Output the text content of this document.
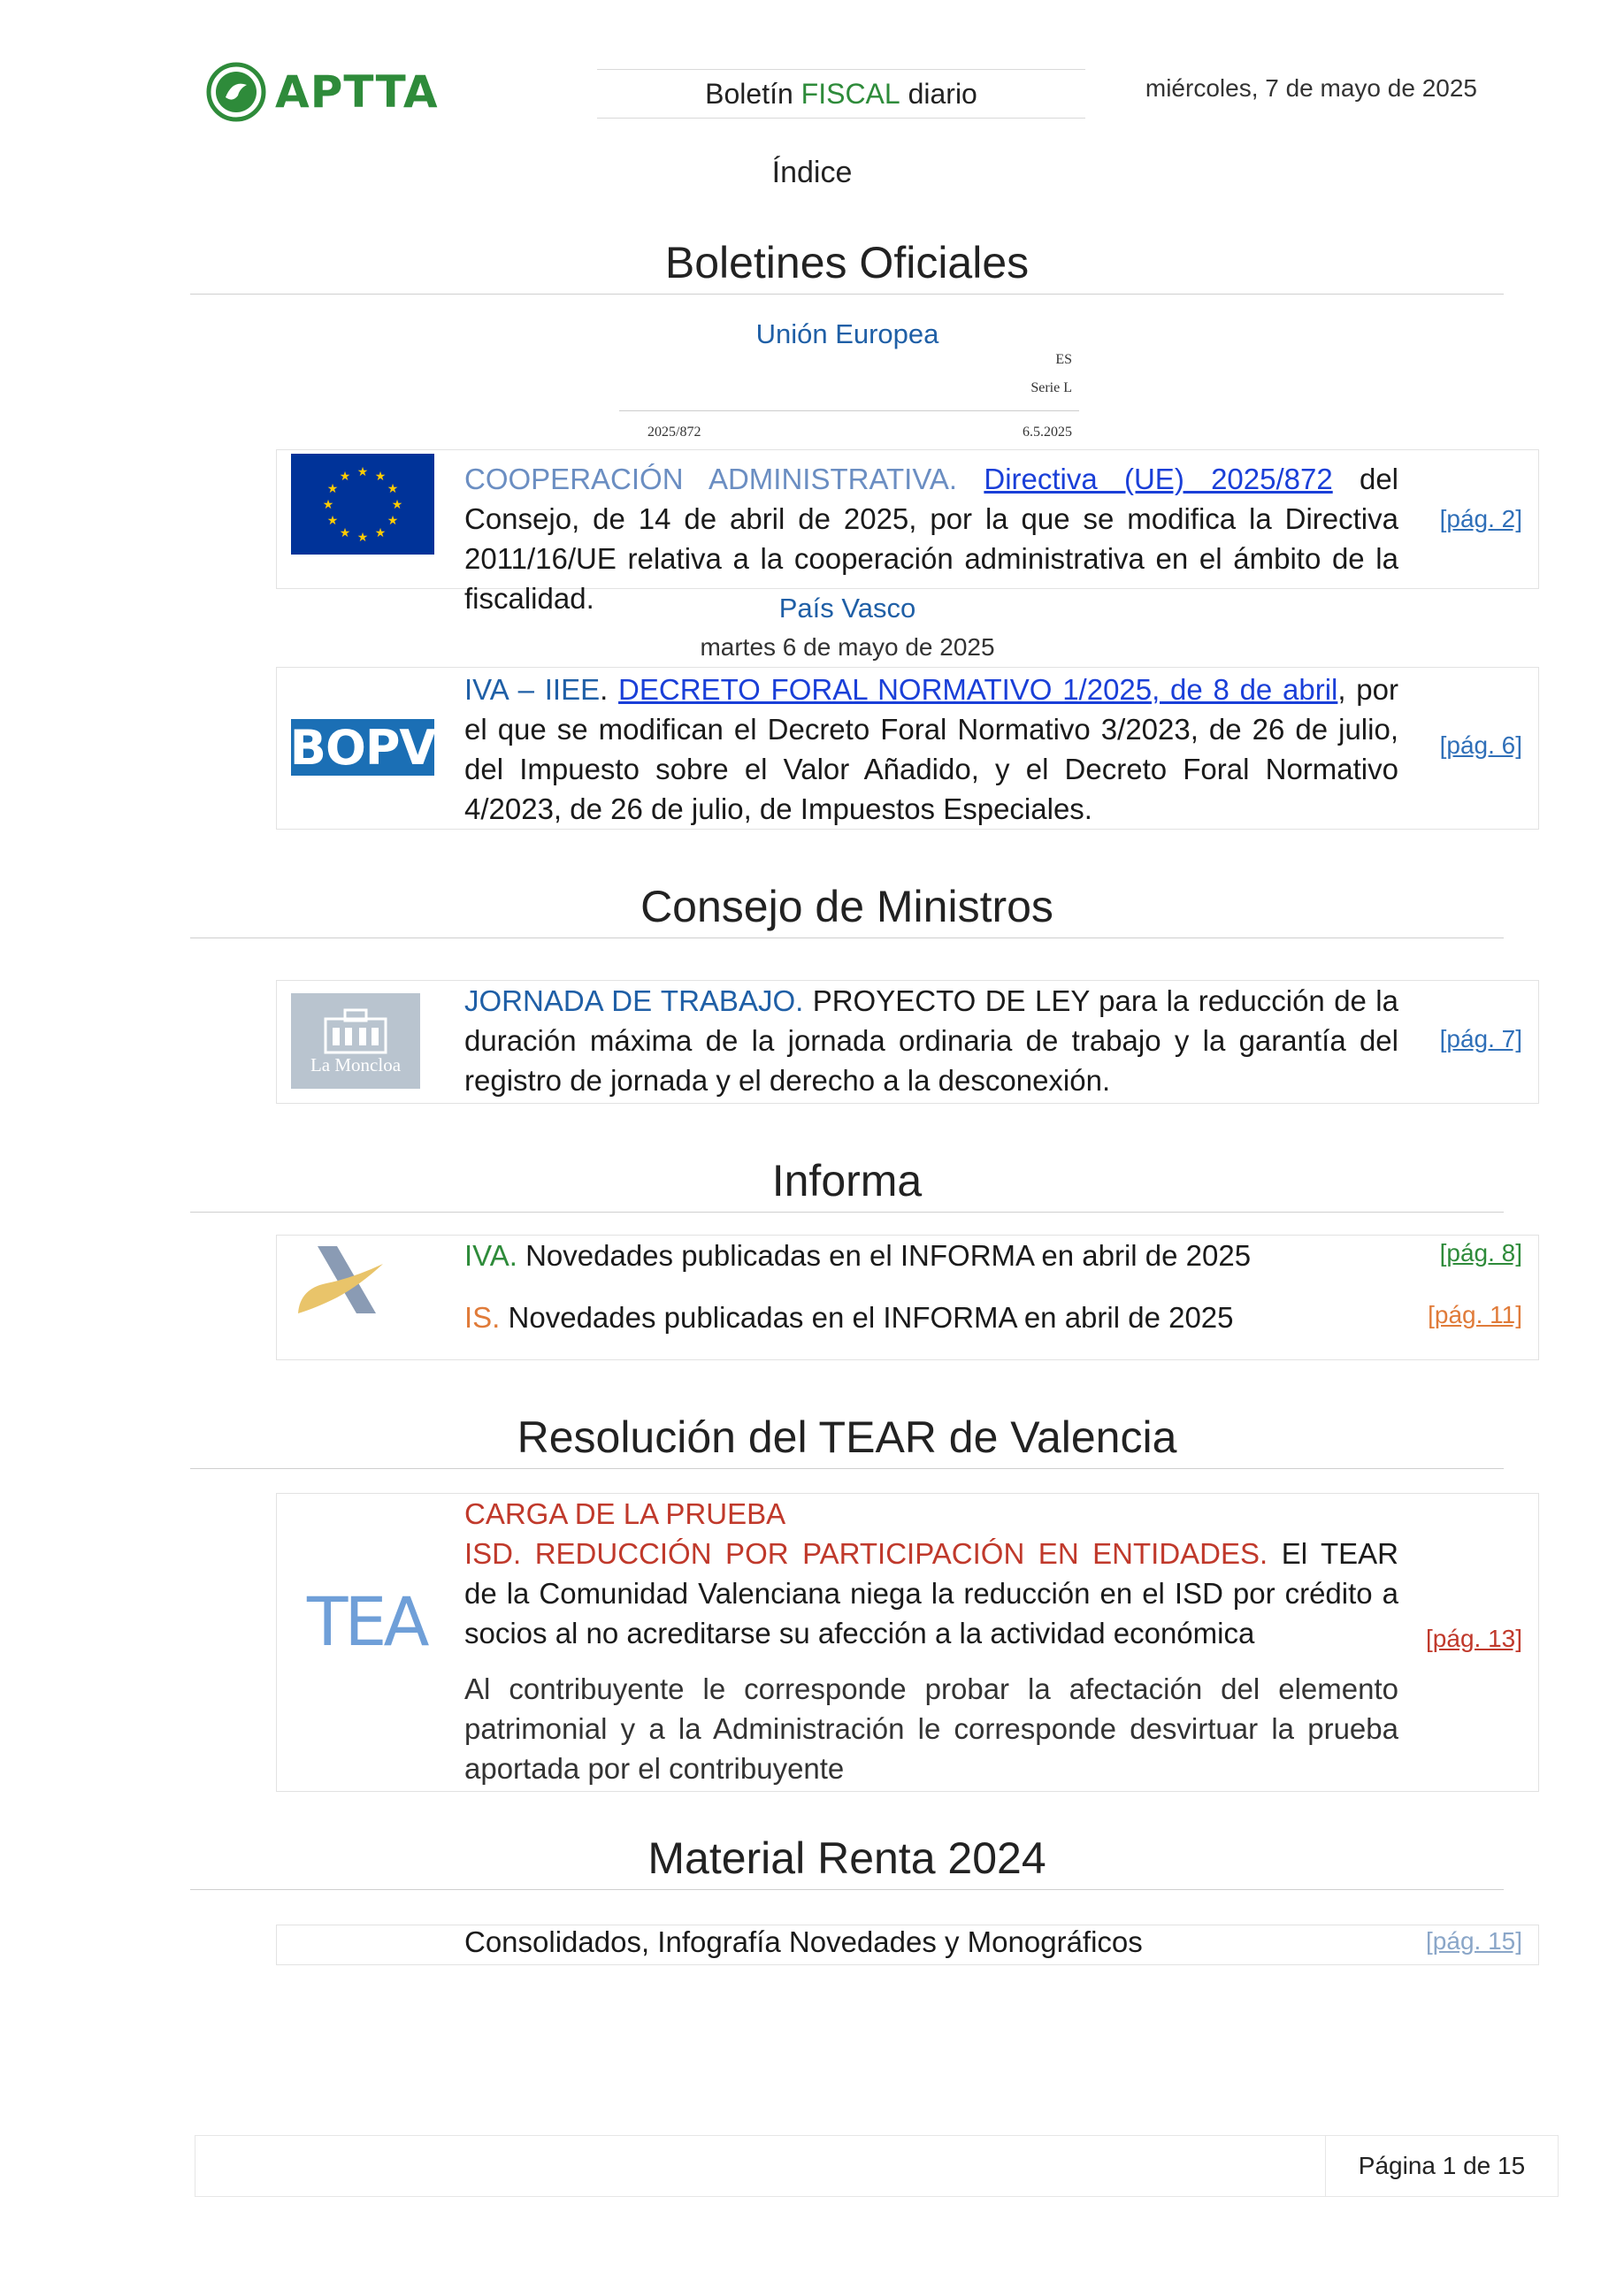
APTTA	Boletín FISCAL diario	miércoles, 7 de mayo de 2025
Índice
Boletines Oficiales
Unión Europea
ES
Serie L
2025/872	6.5.2025
★ ★
★
★
★
★
★
★
★
★
★
★	COOPERACIÓN ADMINISTRATIVA. Directiva (UE) 2025/872 del Consejo, de 14 de abril de 2025, por la que se modifica la Directiva 2011/16/UE relativa a la cooperación administrativa en el ámbito de la fiscalidad.
[pág. 2]
País Vasco
martes 6 de mayo de 2025
BOPV
IVA – IIEE. DECRETO FORAL NORMATIVO 1/2025, de 8 de abril, por el que se modifican el Decreto Foral Normativo 3/2023, de 26 de julio, del Impuesto sobre el Valor Añadido, y el Decreto Foral Normativo 4/2023, de 26 de julio, de Impuestos Especiales.
[pág. 6]
Consejo de Ministros
La Moncloa
JORNADA DE TRABAJO. PROYECTO DE LEY para la reducción de la duración máxima de la jornada ordinaria de trabajo y la garantía del registro de jornada y el derecho a la desconexión.
[pág. 7]
Informa
IVA. Novedades publicadas en el INFORMA en abril de 2025	[pág. 8]
IS. Novedades publicadas en el INFORMA en abril de 2025	[pág. 11]
Resolución del TEAR de Valencia
TEA
CARGA DE LA PRUEBA
ISD. REDUCCIÓN POR PARTICIPACIÓN EN ENTIDADES. El TEAR de la Comunidad Valenciana niega la reducción en el ISD por crédito a socios al no acreditarse su afección a la actividad económica
Al contribuyente le corresponde probar la afectación del elemento patrimonial y a la Administración le corresponde desvirtuar la prueba aportada por el contribuyente
[pág. 13]
Material Renta 2024
Consolidados, Infografía Novedades y Monográficos	[pág. 15]
Página 1 de 15
